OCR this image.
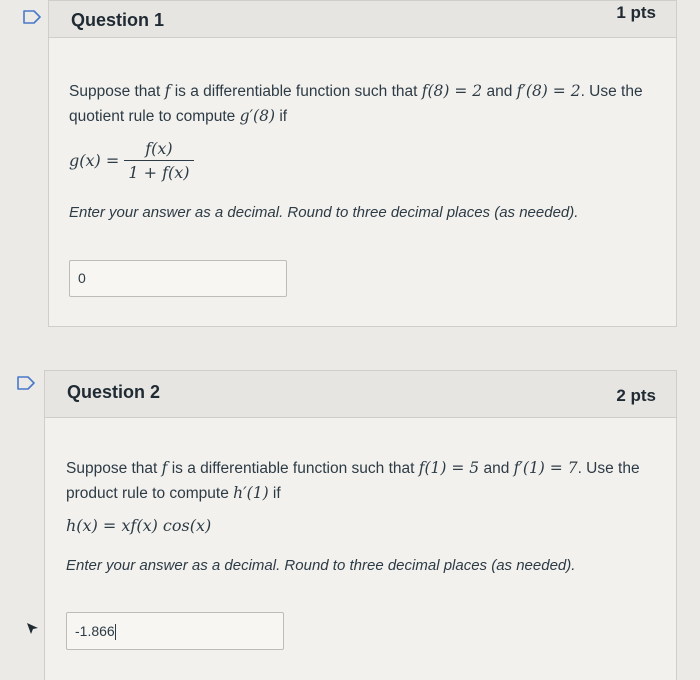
Question 1	1 pts
Suppose that f is a differentiable function such that f(8) = 2 and f′(8) = 2. Use the
quotient rule to compute g′(8) if
$g(x) = \frac{f(x)}{1 + f(x)}$
Enter your answer as a decimal. Round to three decimal places (as needed).
0
Question 2	2 pts
Suppose that f is a differentiable function such that f(1) = 5 and f′(1) = 7. Use the
product rule to compute h′(1) if
h(x) = xf(x) cos(x)
Enter your answer as a decimal. Round to three decimal places (as needed).
-1.866
